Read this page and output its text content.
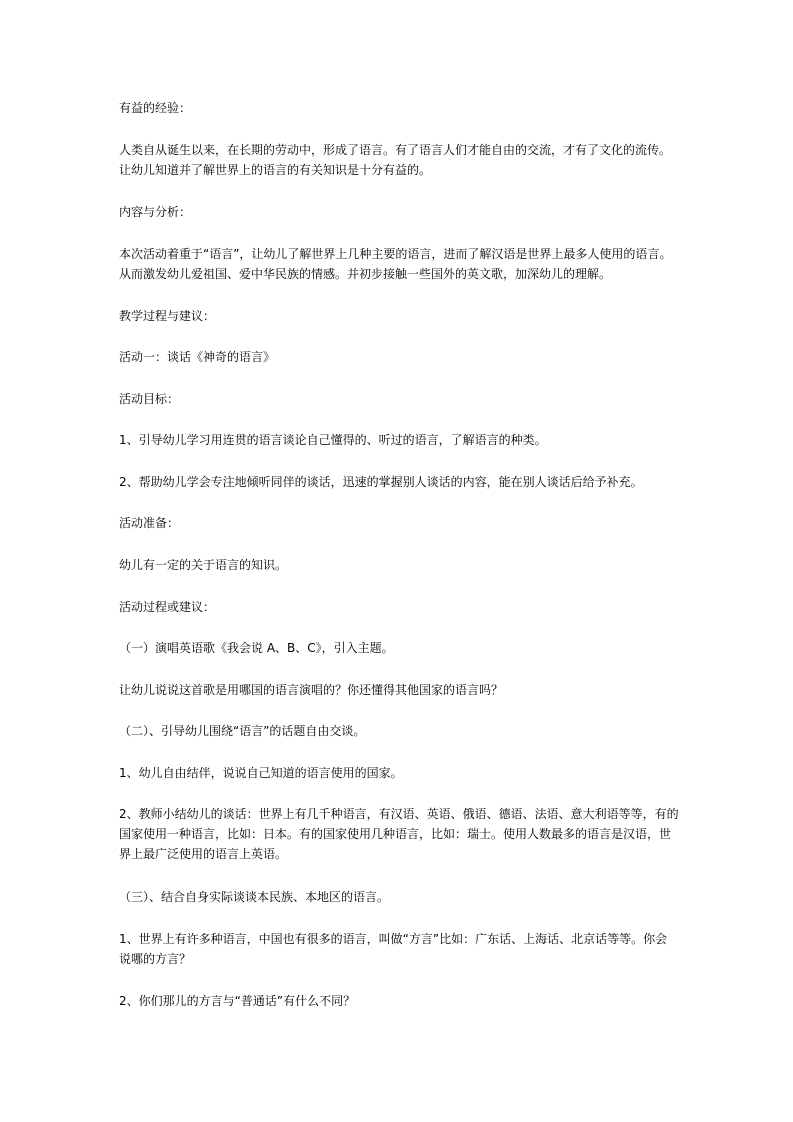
有益的经验：

人类自从诞生以来，在长期的劳动中，形成了语言。有了语言人们才能自由的交流，才有了文化的流传。让幼儿知道并了解世界上的语言的有关知识是十分有益的。

内容与分析：

本次活动着重于“语言”，让幼儿了解世界上几种主要的语言，进而了解汉语是世界上最多人使用的语言。从而激发幼儿爱祖国、爱中华民族的情感。并初步接触一些国外的英文歌，加深幼儿的理解。

教学过程与建议：

活动一：谈话《神奇的语言》

活动目标：

1、引导幼儿学习用连贯的语言谈论自己懂得的、听过的语言，了解语言的种类。

2、帮助幼儿学会专注地倾听同伴的谈话，迅速的掌握别人谈话的内容，能在别人谈话后给予补充。

活动准备：

幼儿有一定的关于语言的知识。

活动过程或建议：

（一）演唱英语歌《我会说 A、B、C》，引入主题。

让幼儿说说这首歌是用哪国的语言演唱的？你还懂得其他国家的语言吗？

（二）、引导幼儿围绕“语言”的话题自由交谈。

1、幼儿自由结伴，说说自己知道的语言使用的国家。

2、教师小结幼儿的谈话：世界上有几千种语言，有汉语、英语、俄语、德语、法语、意大利语等等，有的国家使用一种语言，比如：日本。有的国家使用几种语言，比如：瑞士。使用人数最多的语言是汉语，世界上最广泛使用的语言上英语。

（三）、结合自身实际谈谈本民族、本地区的语言。

1、世界上有许多种语言，中国也有很多的语言，叫做“方言”比如：广东话、上海话、北京话等等。你会说哪的方言？

2、你们那儿的方言与“普通话”有什么不同？
